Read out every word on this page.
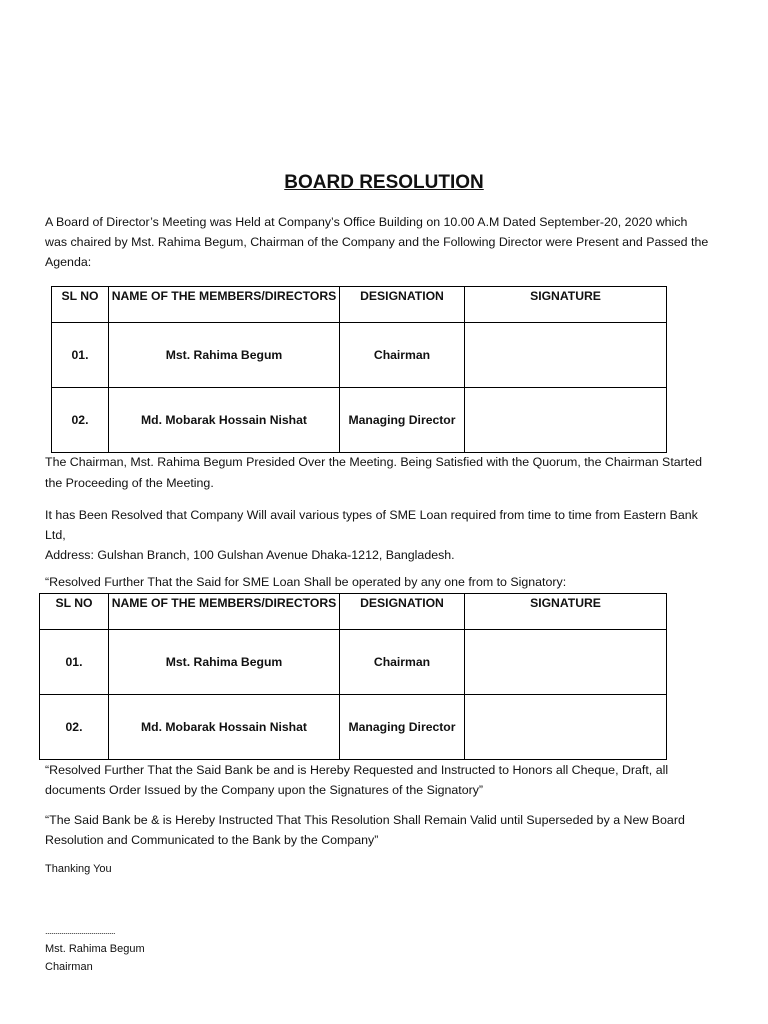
BOARD RESOLUTION

A Board of Director’s Meeting was Held at Company’s Office Building on 10.00 A.M Dated September-20, 2020 which

was chaired by Mst. Rahima Begum, Chairman of the Company and the Following Director were Present and Passed the

Agenda:

SL NO	NAME OF THE MEMBERS/DIRECTORS	DESIGNATION	SIGNATURE
01.	Mst. Rahima Begum	Chairman	
02.	Md. Mobarak Hossain Nishat	Managing Director	

The Chairman, Mst. Rahima Begum Presided Over the Meeting. Being Satisfied with the Quorum, the Chairman Started

the Proceeding of the Meeting.

It has Been Resolved that Company Will avail various types of SME Loan required from time to time from Eastern Bank

Ltd,

Address: Gulshan Branch, 100 Gulshan Avenue Dhaka-1212, Bangladesh.

“Resolved Further That the Said for SME Loan Shall be operated by any one from to Signatory:

SL NO	NAME OF THE MEMBERS/DIRECTORS	DESIGNATION	SIGNATURE
01.	Mst. Rahima Begum	Chairman	
02.	Md. Mobarak Hossain Nishat	Managing Director	

“Resolved Further That the Said Bank be and is Hereby Requested and Instructed to Honors all Cheque, Draft, all

documents Order Issued by the Company upon the Signatures of the Signatory”

“The Said Bank be & is Hereby Instructed That This Resolution Shall Remain Valid until Superseded by a New Board

Resolution and Communicated to the Bank by the Company”

Thanking You

...................................

Mst. Rahima Begum

Chairman
